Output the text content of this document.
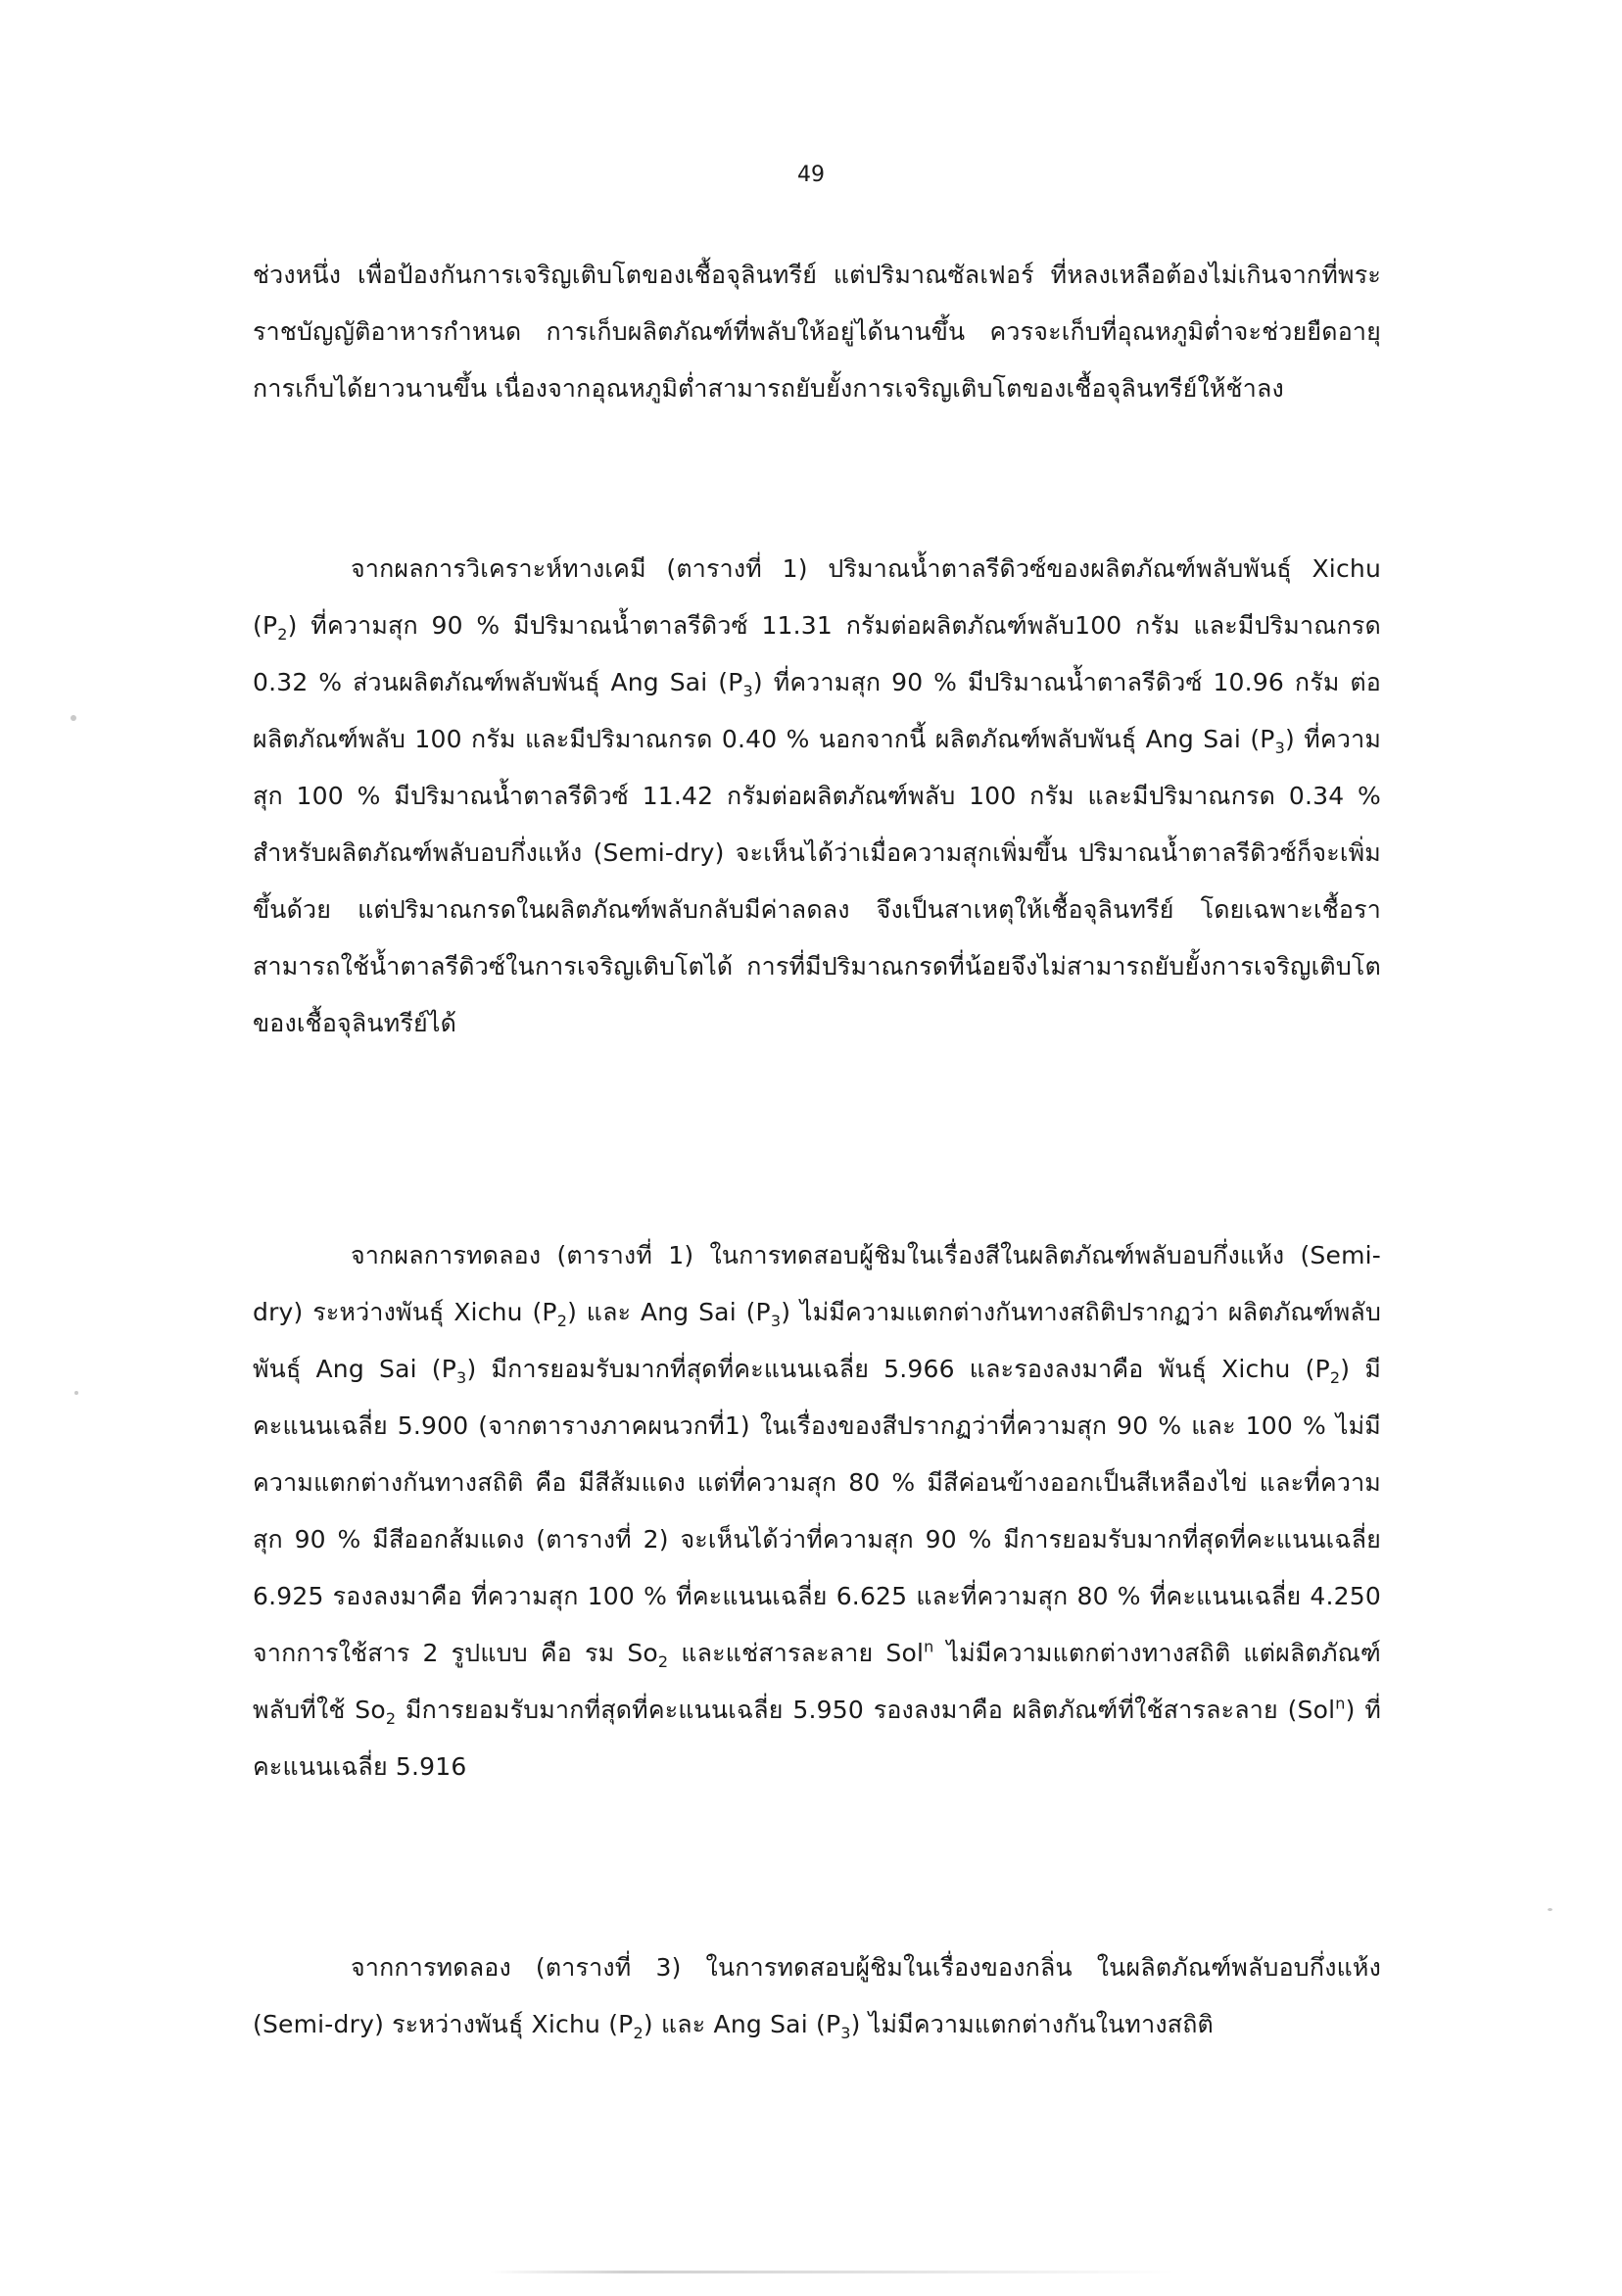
49
ช่วงหนึ่ง เพื่อป้องกันการเจริญเติบโตของเชื้อจุลินทรีย์ แต่ปริมาณซัลเฟอร์ ที่หลงเหลือต้องไม่เกินจากที่พระราชบัญญัติอาหารกำหนด การเก็บผลิตภัณฑ์ที่พลับให้อยู่ได้นานขึ้น ควรจะเก็บที่อุณหภูมิต่ำจะช่วยยืดอายุการเก็บได้ยาวนานขึ้น เนื่องจากอุณหภูมิต่ำสามารถยับยั้งการเจริญเติบโตของเชื้อจุลินทรีย์ให้ช้าลง
จากผลการวิเคราะห์ทางเคมี (ตารางที่ 1) ปริมาณน้ำตาลรีดิวซ์ของผลิตภัณฑ์พลับพันธุ์ Xichu $(P_2)$ ที่ความสุก 90 % มีปริมาณน้ำตาลรีดิวซ์ 11.31 กรัมต่อผลิตภัณฑ์พลับ100 กรัม และมีปริมาณกรด 0.32 % ส่วนผลิตภัณฑ์พลับพันธุ์ Ang Sai $(P_3)$ ที่ความสุก 90 % มีปริมาณน้ำตาลรีดิวซ์ 10.96 กรัม ต่อผลิตภัณฑ์พลับ 100 กรัม และมีปริมาณกรด 0.40 % นอกจากนี้ ผลิตภัณฑ์พลับพันธุ์ Ang Sai $(P_3)$ ที่ความสุก 100 % มีปริมาณน้ำตาลรีดิวซ์ 11.42 กรัมต่อผลิตภัณฑ์พลับ 100 กรัม และมีปริมาณกรด 0.34 % สำหรับผลิตภัณฑ์พลับอบกึ่งแห้ง (Semi-dry) จะเห็นได้ว่าเมื่อความสุกเพิ่มขึ้น ปริมาณน้ำตาลรีดิวซ์ก็จะเพิ่มขึ้นด้วย แต่ปริมาณกรดในผลิตภัณฑ์พลับกลับมีค่าลดลง จึงเป็นสาเหตุให้เชื้อจุลินทรีย์ โดยเฉพาะเชื้อรา สามารถใช้น้ำตาลรีดิวซ์ในการเจริญเติบโตได้ การที่มีปริมาณกรดที่น้อยจึงไม่สามารถยับยั้งการเจริญเติบโตของเชื้อจุลินทรีย์ได้
จากผลการทดลอง (ตารางที่ 1) ในการทดสอบผู้ชิมในเรื่องสีในผลิตภัณฑ์พลับอบกึ่งแห้ง (Semi-dry) ระหว่างพันธุ์ Xichu $(P_2)$ และ Ang Sai $(P_3)$ ไม่มีความแตกต่างกันทางสถิติปรากฏว่า ผลิตภัณฑ์พลับพันธุ์ Ang Sai $(P_3)$ มีการยอมรับมากที่สุดที่คะแนนเฉลี่ย 5.966 และรองลงมาคือ พันธุ์ Xichu $(P_2)$ มีคะแนนเฉลี่ย 5.900 (จากตารางภาคผนวกที่1) ในเรื่องของสีปรากฏว่าที่ความสุก 90 % และ 100 % ไม่มีความแตกต่างกันทางสถิติ คือ มีสีส้มแดง แต่ที่ความสุก 80 % มีสีค่อนข้างออกเป็นสีเหลืองไข่ และที่ความสุก 90 % มีสีออกส้มแดง (ตารางที่ 2) จะเห็นได้ว่าที่ความสุก 90 % มีการยอมรับมากที่สุดที่คะแนนเฉลี่ย 6.925 รองลงมาคือ ที่ความสุก 100 % ที่คะแนนเฉลี่ย 6.625 และที่ความสุก 80 % ที่คะแนนเฉลี่ย 4.250 จากการใช้สาร 2 รูปแบบ คือ รม $So_2$ และแช่สารละลาย Sol$^n$ ไม่มีความแตกต่างทางสถิติ แต่ผลิตภัณฑ์พลับที่ใช้ $So_2$ มีการยอมรับมากที่สุดที่คะแนนเฉลี่ย 5.950 รองลงมาคือ ผลิตภัณฑ์ที่ใช้สารละลาย (Sol$^n$) ที่คะแนนเฉลี่ย 5.916
จากการทดลอง (ตารางที่ 3) ในการทดสอบผู้ชิมในเรื่องของกลิ่น ในผลิตภัณฑ์พลับอบกึ่งแห้ง (Semi-dry) ระหว่างพันธุ์ Xichu $(P_2)$ และ Ang Sai $(P_3)$ ไม่มีความแตกต่างกันในทางสถิติ
